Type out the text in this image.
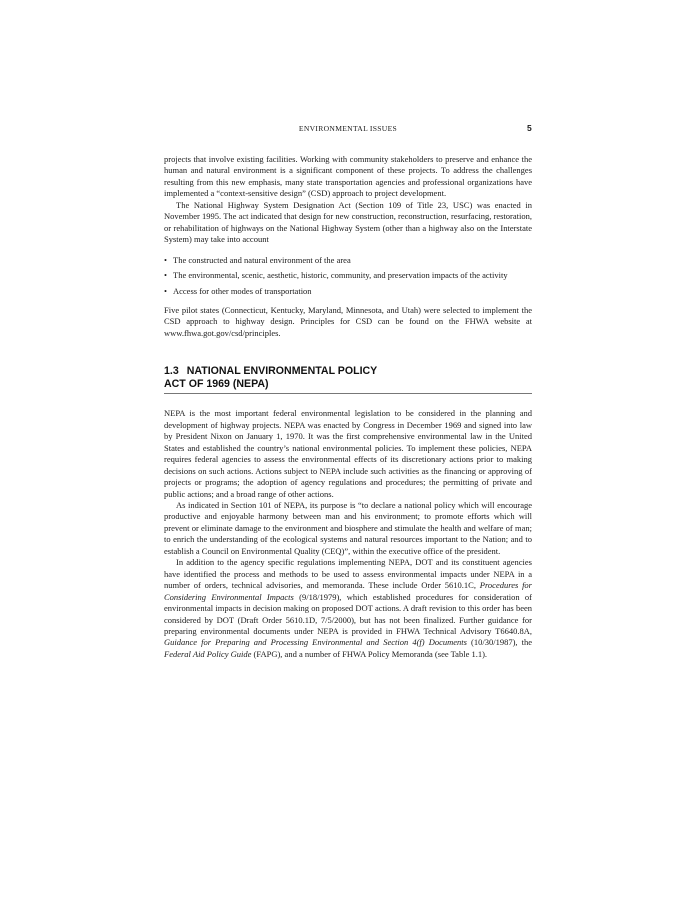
ENVIRONMENTAL ISSUES	5

projects that involve existing facilities. Working with community stakeholders to preserve and enhance the human and natural environment is a significant component of these projects. To address the challenges resulting from this new emphasis, many state transportation agencies and professional organizations have implemented a “context-sensitive design” (CSD) approach to project development.

The National Highway System Designation Act (Section 109 of Title 23, USC) was enacted in November 1995. The act indicated that design for new construction, reconstruction, resurfacing, restoration, or rehabilitation of highways on the National Highway System (other than a highway also on the Interstate System) may take into account

• The constructed and natural environment of the area
• The environmental, scenic, aesthetic, historic, community, and preservation impacts of the activity
• Access for other modes of transportation

Five pilot states (Connecticut, Kentucky, Maryland, Minnesota, and Utah) were selected to implement the CSD approach to highway design. Principles for CSD can be found on the FHWA website at www.fhwa.got.gov/csd/principles.

1.3 NATIONAL ENVIRONMENTAL POLICY
ACT OF 1969 (NEPA)

NEPA is the most important federal environmental legislation to be considered in the planning and development of highway projects. NEPA was enacted by Congress in December 1969 and signed into law by President Nixon on January 1, 1970. It was the first comprehensive environmental law in the United States and established the country’s national environmental policies. To implement these policies, NEPA requires federal agencies to assess the environmental effects of its discretionary actions prior to making decisions on such actions. Actions subject to NEPA include such activities as the financing or approving of projects or programs; the adoption of agency regulations and procedures; the permitting of private and public actions; and a broad range of other actions.

As indicated in Section 101 of NEPA, its purpose is “to declare a national policy which will encourage productive and enjoyable harmony between man and his environment; to promote efforts which will prevent or eliminate damage to the environment and biosphere and stimulate the health and welfare of man; to enrich the understanding of the ecological systems and natural resources important to the Nation; and to establish a Council on Environmental Quality (CEQ)”, within the executive office of the president.

In addition to the agency specific regulations implementing NEPA, DOT and its constituent agencies have identified the process and methods to be used to assess environmental impacts under NEPA in a number of orders, technical advisories, and memoranda. These include Order 5610.1C, Procedures for Considering Environmental Impacts (9/18/1979), which established procedures for consideration of environmental impacts in decision making on proposed DOT actions. A draft revision to this order has been considered by DOT (Draft Order 5610.1D, 7/5/2000), but has not been finalized. Further guidance for preparing environmental documents under NEPA is provided in FHWA Technical Advisory T6640.8A, Guidance for Preparing and Processing Environmental and Section 4(f) Documents (10/30/1987), the Federal Aid Policy Guide (FAPG), and a number of FHWA Policy Memoranda (see Table 1.1).
